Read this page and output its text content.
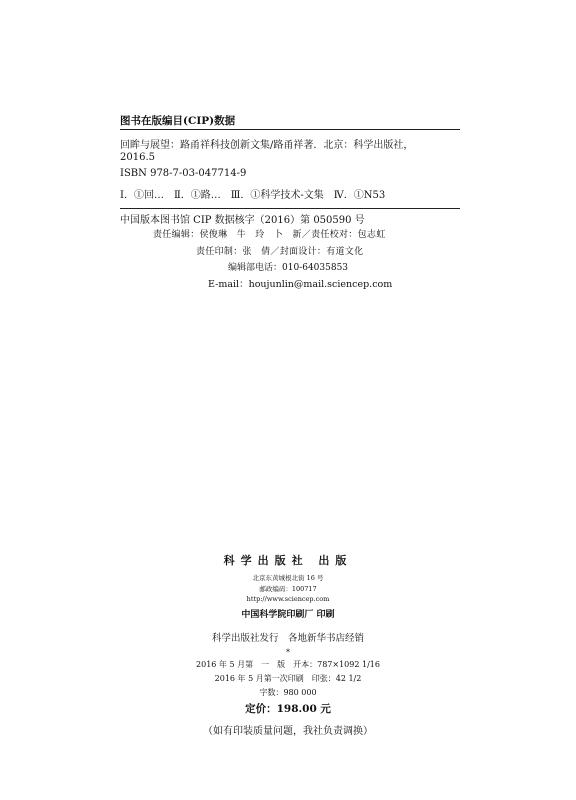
图书在版编目(CIP)数据
回眸与展望：路甬祥科技创新文集/路甬祥著．北京：科学出版社，
2016.5
ISBN 978-7-03-047714-9
Ⅰ．①回…　Ⅱ．①路…　Ⅲ．①科学技术-文集　Ⅳ．①N53
中国版本图书馆 CIP 数据核字（2016）第 050590 号
责任编辑：侯俊琳　牛　玲　卜　新／责任校对：包志虹
责任印制：张　倩／封面设计：有道文化
编辑部电话：010-64035853
E-mail：houjunlin@mail.sciencep.com
科学出版社 出版
北京东黄城根北街 16 号
邮政编码：100717
http://www.sciencep.com
中国科学院印刷厂 印刷
科学出版社发行　各地新华书店经销
*
2016 年 5 月第　一　版　开本：787×1092 1/16
2016 年 5 月第一次印刷　印张：42 1/2
字数：980 000
定价：198.00 元
（如有印装质量问题，我社负责调换）
